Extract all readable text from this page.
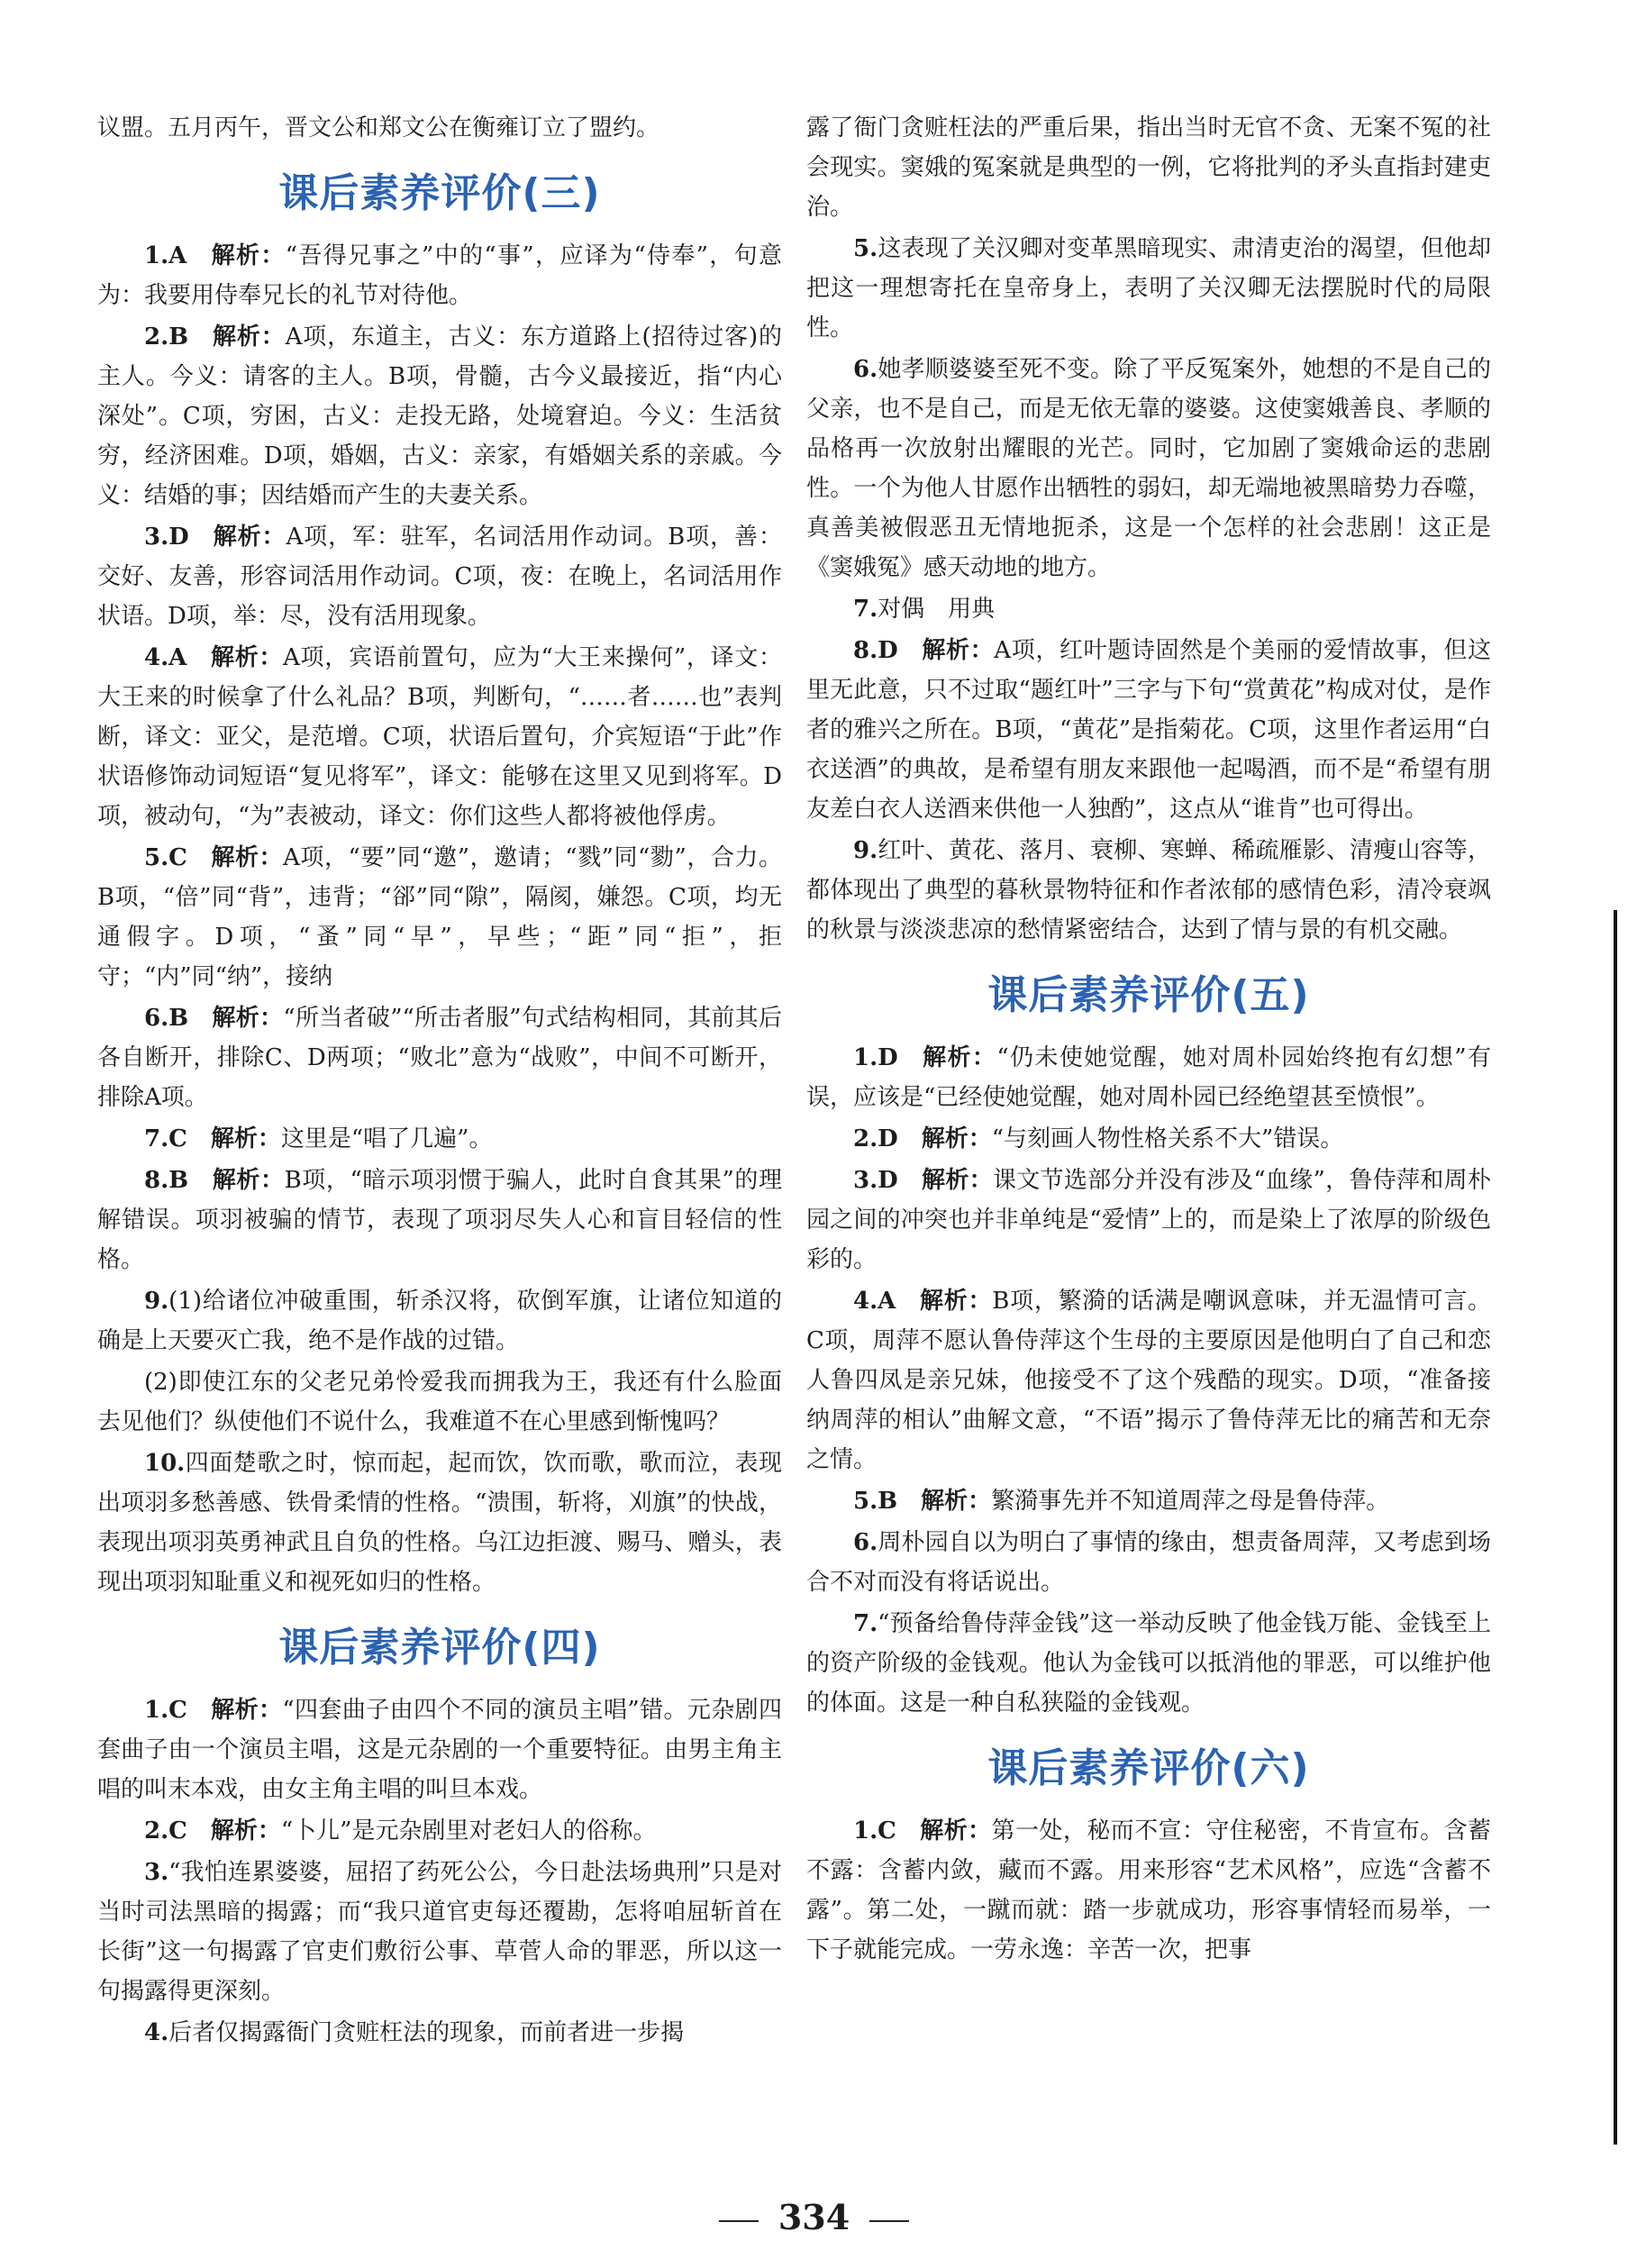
议盟。五月丙午，晋文公和郑文公在衡雍订立了盟约。

课后素养评价(三)

1.A  解析：“吾得兄事之”中的“事”，应译为“侍奉”，句意为：我要用侍奉兄长的礼节对待他。

2.B  解析：A项，东道主，古义：东方道路上(招待过客)的主人。今义：请客的主人。B项，骨髓，古今义最接近，指“内心深处”。C项，穷困，古义：走投无路，处境窘迫。今义：生活贫穷，经济困难。D项，婚姻，古义：亲家，有婚姻关系的亲戚。今义：结婚的事；因结婚而产生的夫妻关系。

3.D  解析：A项，军：驻军，名词活用作动词。B项，善：交好、友善，形容词活用作动词。C项，夜：在晚上，名词活用作状语。D项，举：尽，没有活用现象。

4.A  解析：A项，宾语前置句，应为“大王来操何”，译文：大王来的时候拿了什么礼品？B项，判断句，“……者……也”表判断，译文：亚父，是范增。C项，状语后置句，介宾短语“于此”作状语修饰动词短语“复见将军”，译文：能够在这里又见到将军。D项，被动句，“为”表被动，译文：你们这些人都将被他俘虏。

5.C  解析：A项，“要”同“邀”，邀请；“戮”同“勠”，合力。B项，“倍”同“背”，违背；“郤”同“隙”，隔阂，嫌怨。C项，均无通假字。D项，“蚤”同“早”，早些；“距”同“拒”，拒守；“内”同“纳”，接纳

6.B  解析：“所当者破”“所击者服”句式结构相同，其前其后各自断开，排除C、D两项；“败北”意为“战败”，中间不可断开，排除A项。

7.C  解析：这里是“唱了几遍”。

8.B  解析：B项，“暗示项羽惯于骗人，此时自食其果”的理解错误。项羽被骗的情节，表现了项羽尽失人心和盲目轻信的性格。

9.(1)给诸位冲破重围，斩杀汉将，砍倒军旗，让诸位知道的确是上天要灭亡我，绝不是作战的过错。

(2)即使江东的父老兄弟怜爱我而拥我为王，我还有什么脸面去见他们？纵使他们不说什么，我难道不在心里感到惭愧吗？

10.四面楚歌之时，惊而起，起而饮，饮而歌，歌而泣，表现出项羽多愁善感、铁骨柔情的性格。“溃围，斩将，刈旗”的快战，表现出项羽英勇神武且自负的性格。乌江边拒渡、赐马、赠头，表现出项羽知耻重义和视死如归的性格。

课后素养评价(四)

1.C  解析：“四套曲子由四个不同的演员主唱”错。元杂剧四套曲子由一个演员主唱，这是元杂剧的一个重要特征。由男主角主唱的叫末本戏，由女主角主唱的叫旦本戏。

2.C  解析：“卜儿”是元杂剧里对老妇人的俗称。

3.“我怕连累婆婆，屈招了药死公公，今日赴法场典刑”只是对当时司法黑暗的揭露；而“我只道官吏每还覆勘，怎将咱屈斩首在长街”这一句揭露了官吏们敷衍公事、草菅人命的罪恶，所以这一句揭露得更深刻。

4.后者仅揭露衙门贪赃枉法的现象，而前者进一步揭

露了衙门贪赃枉法的严重后果，指出当时无官不贪、无案不冤的社会现实。窦娥的冤案就是典型的一例，它将批判的矛头直指封建吏治。

5.这表现了关汉卿对变革黑暗现实、肃清吏治的渴望，但他却把这一理想寄托在皇帝身上，表明了关汉卿无法摆脱时代的局限性。

6.她孝顺婆婆至死不变。除了平反冤案外，她想的不是自己的父亲，也不是自己，而是无依无靠的婆婆。这使窦娥善良、孝顺的品格再一次放射出耀眼的光芒。同时，它加剧了窦娥命运的悲剧性。一个为他人甘愿作出牺牲的弱妇，却无端地被黑暗势力吞噬，真善美被假恶丑无情地扼杀，这是一个怎样的社会悲剧！这正是《窦娥冤》感天动地的地方。

7.对偶　用典

8.D  解析：A项，红叶题诗固然是个美丽的爱情故事，但这里无此意，只不过取“题红叶”三字与下句“赏黄花”构成对仗，是作者的雅兴之所在。B项，“黄花”是指菊花。C项，这里作者运用“白衣送酒”的典故，是希望有朋友来跟他一起喝酒，而不是“希望有朋友差白衣人送酒来供他一人独酌”，这点从“谁肯”也可得出。

9.红叶、黄花、落月、衰柳、寒蝉、稀疏雁影、清瘦山容等，都体现出了典型的暮秋景物特征和作者浓郁的感情色彩，清冷衰飒的秋景与淡淡悲凉的愁情紧密结合，达到了情与景的有机交融。

课后素养评价(五)

1.D  解析：“仍未使她觉醒，她对周朴园始终抱有幻想”有误，应该是“已经使她觉醒，她对周朴园已经绝望甚至愤恨”。

2.D  解析：“与刻画人物性格关系不大”错误。

3.D  解析：课文节选部分并没有涉及“血缘”，鲁侍萍和周朴园之间的冲突也并非单纯是“爱情”上的，而是染上了浓厚的阶级色彩的。

4.A  解析：B项，繁漪的话满是嘲讽意味，并无温情可言。C项，周萍不愿认鲁侍萍这个生母的主要原因是他明白了自己和恋人鲁四凤是亲兄妹，他接受不了这个残酷的现实。D项，“准备接纳周萍的相认”曲解文意，“不语”揭示了鲁侍萍无比的痛苦和无奈之情。

5.B  解析：繁漪事先并不知道周萍之母是鲁侍萍。

6.周朴园自以为明白了事情的缘由，想责备周萍，又考虑到场合不对而没有将话说出。

7.“预备给鲁侍萍金钱”这一举动反映了他金钱万能、金钱至上的资产阶级的金钱观。他认为金钱可以抵消他的罪恶，可以维护他的体面。这是一种自私狭隘的金钱观。

课后素养评价(六)

1.C  解析：第一处，秘而不宣：守住秘密，不肯宣布。含蓄不露：含蓄内敛，藏而不露。用来形容“艺术风格”，应选“含蓄不露”。第二处，一蹴而就：踏一步就成功，形容事情轻而易举，一下子就能完成。一劳永逸：辛苦一次，把事

334
